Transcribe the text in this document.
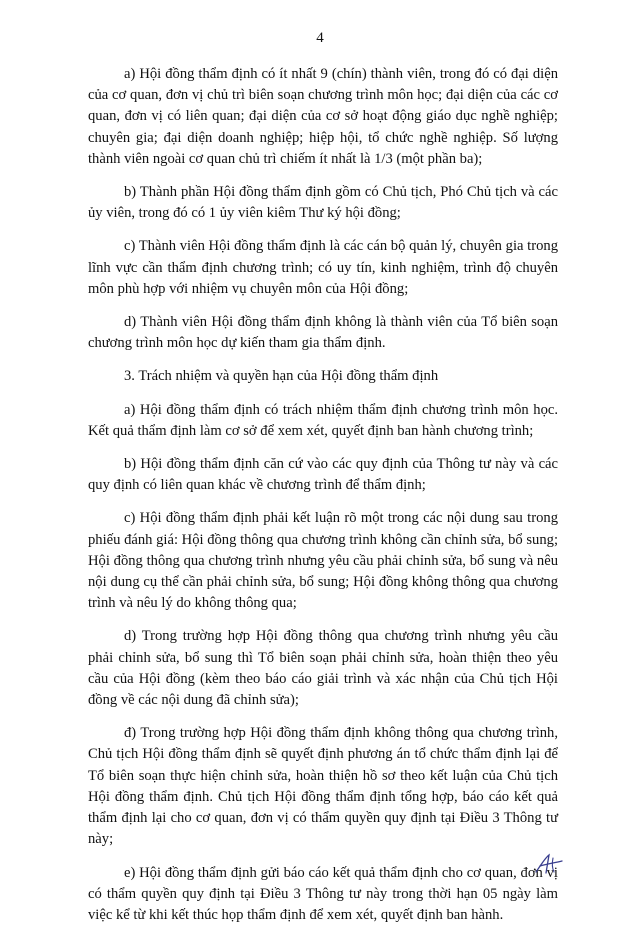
4

a) Hội đồng thẩm định có ít nhất 9 (chín) thành viên, trong đó có đại diện của cơ quan, đơn vị chủ trì biên soạn chương trình môn học; đại diện của các cơ quan, đơn vị có liên quan; đại diện của cơ sở hoạt động giáo dục nghề nghiệp; chuyên gia; đại diện doanh nghiệp; hiệp hội, tổ chức nghề nghiệp. Số lượng thành viên ngoài cơ quan chủ trì chiếm ít nhất là 1/3 (một phần ba);

b) Thành phần Hội đồng thẩm định gồm có Chủ tịch, Phó Chủ tịch và các ủy viên, trong đó có 1 ủy viên kiêm Thư ký hội đồng;

c) Thành viên Hội đồng thẩm định là các cán bộ quản lý, chuyên gia trong lĩnh vực cần thẩm định chương trình; có uy tín, kinh nghiệm, trình độ chuyên môn phù hợp với nhiệm vụ chuyên môn của Hội đồng;

d) Thành viên Hội đồng thẩm định không là thành viên của Tổ biên soạn chương trình môn học dự kiến tham gia thẩm định.

3. Trách nhiệm và quyền hạn của Hội đồng thẩm định

a) Hội đồng thẩm định có trách nhiệm thẩm định chương trình môn học. Kết quả thẩm định làm cơ sở để xem xét, quyết định ban hành chương trình;

b) Hội đồng thẩm định căn cứ vào các quy định của Thông tư này và các quy định có liên quan khác về chương trình để thẩm định;

c) Hội đồng thẩm định phải kết luận rõ một trong các nội dung sau trong phiếu đánh giá: Hội đồng thông qua chương trình không cần chỉnh sửa, bổ sung; Hội đồng thông qua chương trình nhưng yêu cầu phải chỉnh sửa, bổ sung và nêu nội dung cụ thể cần phải chỉnh sửa, bổ sung; Hội đồng không thông qua chương trình và nêu lý do không thông qua;

d) Trong trường hợp Hội đồng thông qua chương trình nhưng yêu cầu phải chỉnh sửa, bổ sung thì Tổ biên soạn phải chỉnh sửa, hoàn thiện theo yêu cầu của Hội đồng (kèm theo báo cáo giải trình và xác nhận của Chủ tịch Hội đồng về các nội dung đã chỉnh sửa);

đ) Trong trường hợp Hội đồng thẩm định không thông qua chương trình, Chủ tịch Hội đồng thẩm định sẽ quyết định phương án tổ chức thẩm định lại để Tổ biên soạn thực hiện chỉnh sửa, hoàn thiện hồ sơ theo kết luận của Chủ tịch Hội đồng thẩm định. Chủ tịch Hội đồng thẩm định tổng hợp, báo cáo kết quả thẩm định lại cho cơ quan, đơn vị có thẩm quyền quy định tại Điều 3 Thông tư này;

e) Hội đồng thẩm định gửi báo cáo kết quả thẩm định cho cơ quan, đơn vị có thẩm quyền quy định tại Điều 3 Thông tư này trong thời hạn 05 ngày làm việc kể từ khi kết thúc họp thẩm định để xem xét, quyết định ban hành.
